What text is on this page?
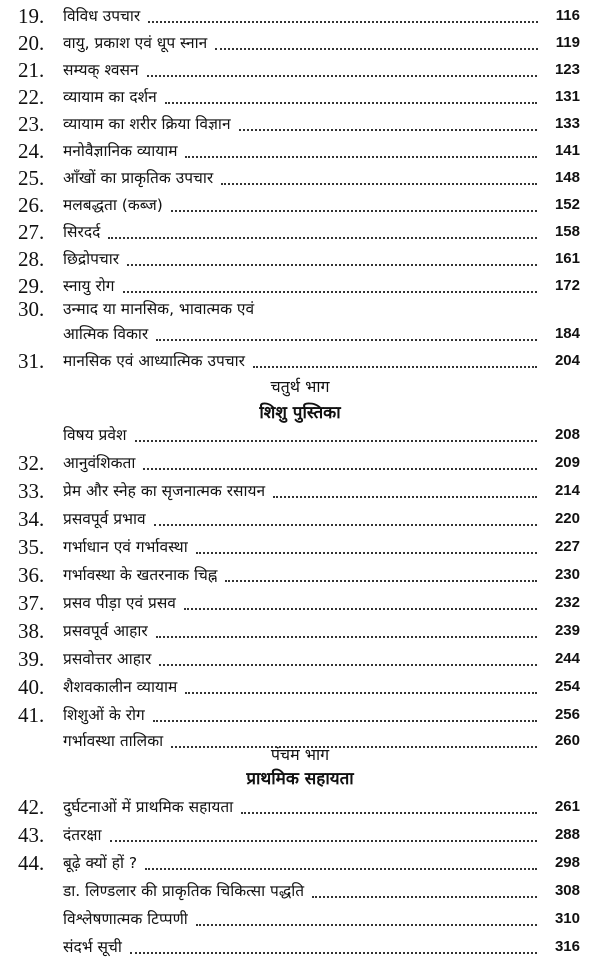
19.	विविध उपचार	116
20.	वायु, प्रकाश एवं धूप स्नान	119
21.	सम्यक् श्वसन	123
22.	व्यायाम का दर्शन	131
23.	व्यायाम का शरीर क्रिया विज्ञान	133
24.	मनोवैज्ञानिक व्यायाम	141
25.	आँखों का प्राकृतिक उपचार	148
26.	मलबद्धता (कब्ज)	152
27.	सिरदर्द	158
28.	छिद्रोपचार	161
29.	स्नायु रोग	172
30.	उन्माद या मानसिक, भावात्मक एवं
आत्मिक विकार	184
31.	मानसिक एवं आध्यात्मिक उपचार	204
चतुर्थ भाग
शिशु पुस्तिका
विषय प्रवेश	208
32.	आनुवंशिकता	209
33.	प्रेम और स्नेह का सृजनात्मक रसायन	214
34.	प्रसवपूर्व प्रभाव	220
35.	गर्भाधान एवं गर्भावस्था	227
36.	गर्भावस्था के खतरनाक चिह्न	230
37.	प्रसव पीड़ा एवं प्रसव	232
38.	प्रसवपूर्व आहार	239
39.	प्रसवोत्तर आहार	244
40.	शैशवकालीन व्यायाम	254
41.	शिशुओं के रोग	256
गर्भावस्था तालिका	260
पंचम भाग
प्राथमिक सहायता
42.	दुर्घटनाओं में प्राथमिक सहायता	261
43.	दंतरक्षा	288
44.	बूढ़े क्यों हों ?	298
डा. लिण्डलार की प्राकृतिक चिकित्सा पद्धति	308
विश्लेषणात्मक टिप्पणी	310
संदर्भ सूची	316
